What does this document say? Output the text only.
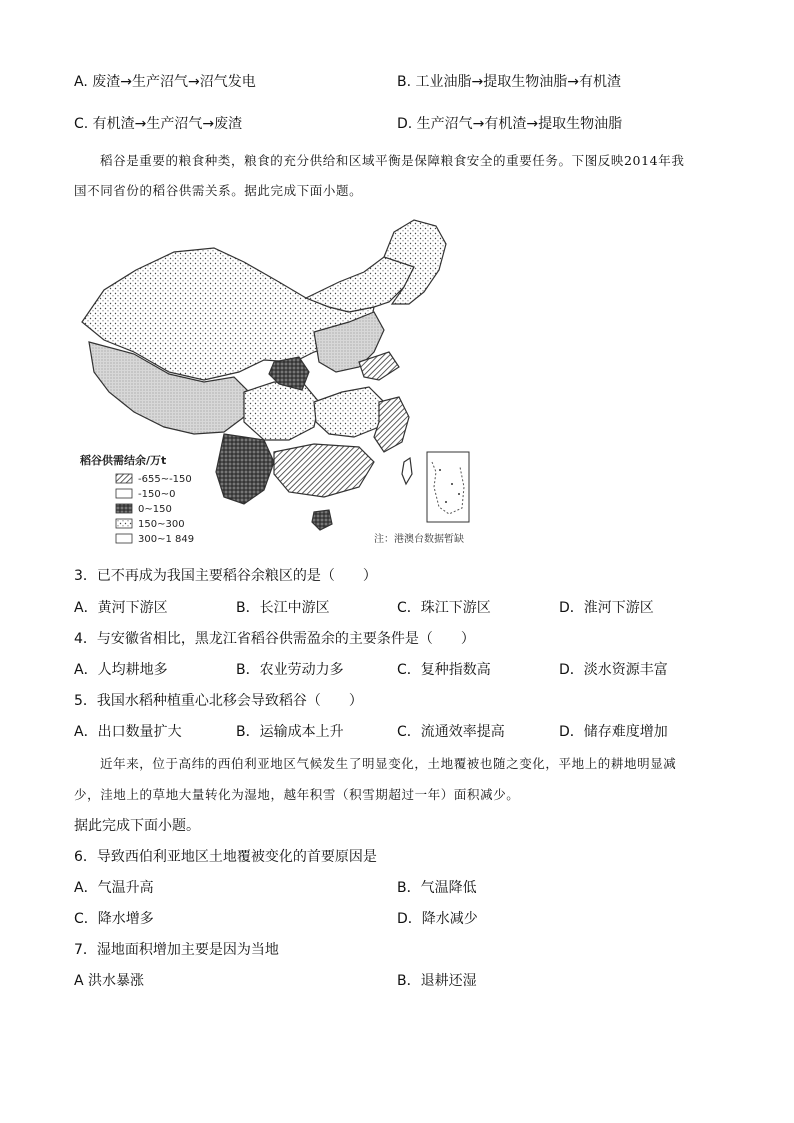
A. 废渣→生产沼气→沼气发电	B. 工业油脂→提取生物油脂→有机渣
C. 有机渣→生产沼气→废渣	D. 生产沼气→有机渣→提取生物油脂
稻谷是重要的粮食种类，粮食的充分供给和区域平衡是保障粮食安全的重要任务。下图反映2014年我
国不同省份的稻谷供需关系。据此完成下面小题。
稻谷供需结余/万t
-655~-150
-150~0
0~150
150~300
300~1 849	注：港澳台数据暂缺
3．已不再成为我国主要稻谷余粮区的是（　　）
A．黄河下游区	B．长江中游区	C．珠江下游区	D．淮河下游区
4．与安徽省相比，黑龙江省稻谷供需盈余的主要条件是（　　）
A．人均耕地多	B．农业劳动力多	C．复种指数高	D．淡水资源丰富
5．我国水稻种植重心北移会导致稻谷（　　）
A．出口数量扩大	B．运输成本上升	C．流通效率提高	D．储存难度增加
近年来，位于高纬的西伯利亚地区气候发生了明显变化，土地覆被也随之变化，平地上的耕地明显减
少，洼地上的草地大量转化为湿地，越年积雪（积雪期超过一年）面积减少。
据此完成下面小题。
6．导致西伯利亚地区土地覆被变化的首要原因是
A．气温升高	B．气温降低
C．降水增多	D．降水减少
7．湿地面积增加主要是因为当地
A 洪水暴涨	B．退耕还湿
